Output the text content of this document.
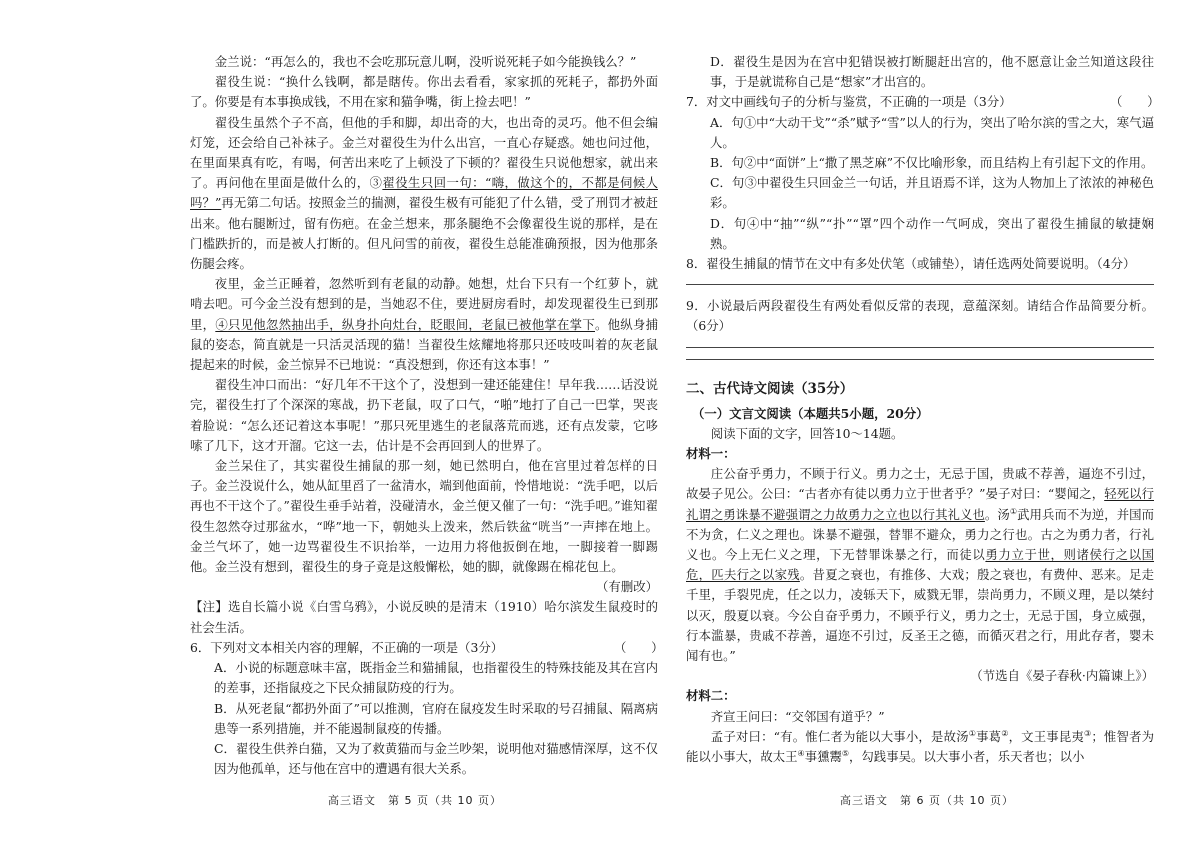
金兰说：“再怎么的，我也不会吃那玩意儿啊，没听说死耗子如今能换钱么？”

翟役生说：“换什么钱啊，都是瞎传。你出去看看，家家抓的死耗子，都扔外面了。你要是有本事换成钱，不用在家和猫争嘴，街上捡去吧！”

翟役生虽然个子不高，但他的手和脚，却出奇的大，也出奇的灵巧。他不但会编灯笼，还会给自己补袜子。金兰对翟役生为什么出宫，一直心存疑惑。她也问过他，在里面果真有吃，有喝，何苦出来吃了上顿没了下顿的？翟役生只说他想家，就出来了。再问他在里面是做什么的，③翟役生只回一句：“嗨，做这个的，不都是伺候人吗？”再无第二句话。按照金兰的揣测，翟役生极有可能犯了什么错，受了刑罚才被赶出来。他右腿断过，留有伤疤。在金兰想来，那条腿绝不会像翟役生说的那样，是在门槛跌折的，而是被人打断的。但凡问雪的前夜，翟役生总能准确预报，因为他那条伤腿会疼。

夜里，金兰正睡着，忽然听到有老鼠的动静。她想，灶台下只有一个红萝卜，就啃去吧。可今金兰没有想到的是，当她忍不住，要进厨房看时，却发现翟役生已到那里，④只见他忽然抽出手，纵身扑向灶台，眨眼间，老鼠已被他掌在掌下。他纵身捕鼠的姿态，简直就是一只活灵活现的猫！当翟役生炫耀地将那只还吱吱叫着的灰老鼠提起来的时候，金兰惊异不已地说：“真没想到，你还有这本事！”

翟役生冲口而出：“好几年不干这个了，没想到一建还能建住！早年我……话没说完，翟役生打了个深深的寒战，扔下老鼠，叹了口气，“啪”地打了自己一巴掌，哭丧着脸说：“怎么还记着这本事呢！”那只死里逃生的老鼠落荒而逃，还有点发蒙，它哆嗦了几下，这才开溜。它这一去，估计是不会再回到人的世界了。

金兰呆住了，其实翟役生捕鼠的那一刻，她已然明白，他在宫里过着怎样的日子。金兰没说什么，她从缸里舀了一盆清水，端到他面前，怜惜地说：“洗手吧，以后再也不干这个了。”翟役生垂手站着，没碰清水，金兰便又催了一句：“洗手吧。”谁知翟役生忽然夺过那盆水，“哗”地一下，朝她头上泼来，然后铁盆“咣当”一声摔在地上。金兰气坏了，她一边骂翟役生不识抬举，一边用力将他扳倒在地，一脚接着一脚踢他。金兰没有想到，翟役生的身子竟是这般懈松，她的脚，就像踢在棉花包上。

（有删改）

【注】选自长篇小说《白雪乌鸦》，小说反映的是清末（1910）哈尔滨发生鼠疫时的社会生活。

6．下列对文本相关内容的理解，不正确的一项是（3分）	（　　）

A．小说的标题意味丰富，既指金兰和猫捕鼠，也指翟役生的特殊技能及其在宫内的差事，还指鼠疫之下民众捕鼠防疫的行为。

B．从死老鼠“都扔外面了”可以推测，官府在鼠疫发生时采取的号召捕鼠、隔离病患等一系列措施，并不能遏制鼠疫的传播。

C．翟役生供养白猫，又为了救黄猫而与金兰吵架，说明他对猫感情深厚，这不仅因为他孤单，还与他在宫中的遭遇有很大关系。

D．翟役生是因为在宫中犯错误被打断腿赶出宫的，他不愿意让金兰知道这段往事，于是就谎称自己是“想家”才出宫的。

7．对文中画线句子的分析与鉴赏，不正确的一项是（3分）	（　　）

A．句①中“大动干戈”“杀”赋予“雪”以人的行为，突出了哈尔滨的雪之大，寒气逼人。

B．句②中“面饼”上“撒了黑芝麻”不仅比喻形象，而且结构上有引起下文的作用。

C．句③中翟役生只回金兰一句话，并且语焉不详，这为人物加上了浓浓的神秘色彩。

D．句④中“抽”“纵”“扑”“罩”四个动作一气呵成，突出了翟役生捕鼠的敏捷娴熟。

8．翟役生捕鼠的情节在文中有多处伏笔（或铺垫），请任选两处简要说明。（4分）

9．小说最后两段翟役生有两处看似反常的表现，意蕴深刻。请结合作品简要分析。（6分）

二、古代诗文阅读（35分）

（一）文言文阅读（本题共5小题，20分）

阅读下面的文字，回答10～14题。

材料一：

庄公奋乎勇力，不顾于行义。勇力之士，无忌于国，贵戚不荐善，逼迩不引过，故晏子见公。公曰：“古者亦有徒以勇力立于世者乎？”晏子对曰：“婴闻之，轻死以行礼谓之勇诛暴不避强谓之力故勇力之立也以行其礼义也。汤①武用兵而不为逆，并国而不为贪，仁义之理也。诛暴不避强，替罪不避众，勇力之行也。古之为勇力者，行礼义也。今上无仁义之理，下无替罪诛暴之行，而徒以勇力立于世，则诸侯行之以国危，匹夫行之以家残。昔夏之衰也，有推侈、大戏；殷之衰也，有费仲、恶来。足走千里，手裂兕虎，任之以力，凌轹天下，威戮无罪，崇尚勇力，不顾义理，是以桀纣以灭，殷夏以衰。今公自奋乎勇力，不顾乎行义，勇力之士，无忌于国，身立威强，行本滥暴，贵戚不荐善，逼迩不引过，反圣王之德，而循灭君之行，用此存者，婴未闻有也。”

（节选自《晏子春秋·内篇谏上》）

材料二：

齐宣王问曰：“交邻国有道乎？”

孟子对曰：“有。惟仁者为能以大事小，是故汤①事葛②，文王事昆夷③；惟智者为能以小事大，故太王④事獯鬻⑤，勾践事吴。以大事小者，乐天者也；以小

高三语文　第 5 页（共 10 页）	高三语文　第 6 页（共 10 页）
